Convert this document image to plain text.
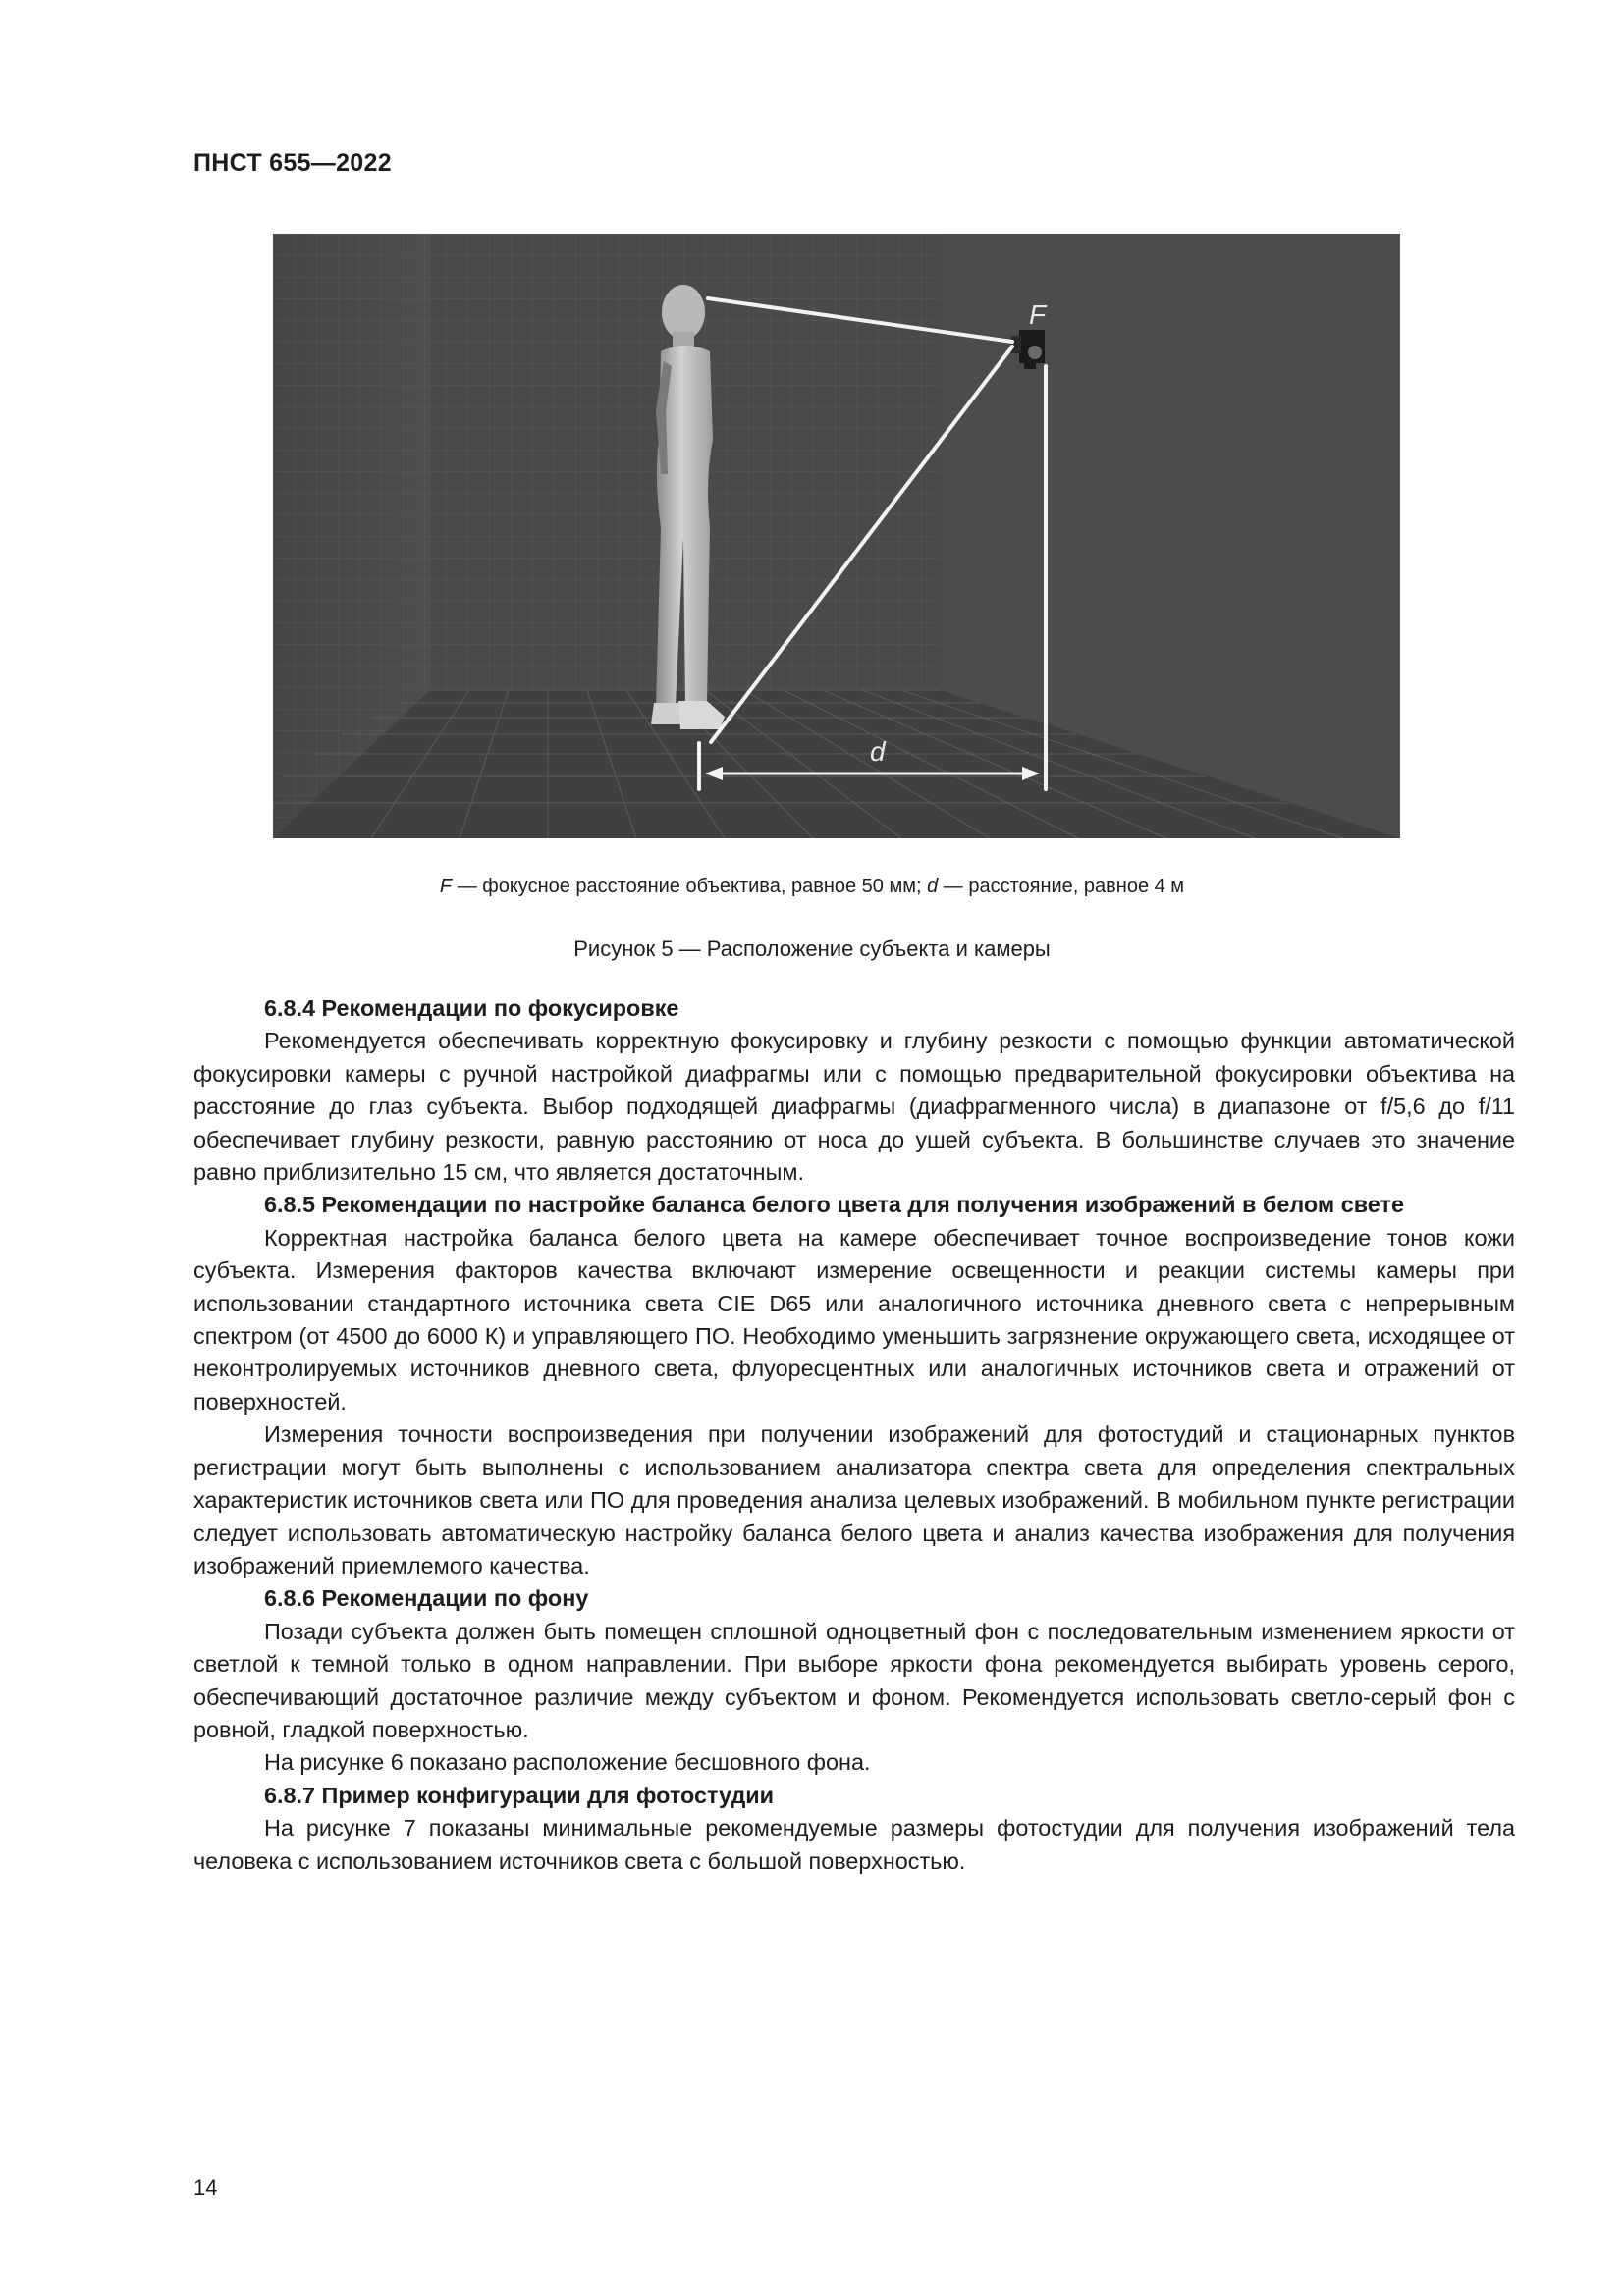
ПНСТ 655—2022
F
d
F — фокусное расстояние объектива, равное 50 мм; d — расстояние, равное 4 м
Рисунок 5 — Расположение субъекта и камеры
6.8.4 Рекомендации по фокусировке

Рекомендуется обеспечивать корректную фокусировку и глубину резкости с помощью функции автоматической фокусировки камеры с ручной настройкой диафрагмы или с помощью предварительной фокусировки объектива на расстояние до глаз субъекта. Выбор подходящей диафрагмы (диафрагменного числа) в диапазоне от f/5,6 до f/11 обеспечивает глубину резкости, равную расстоянию от носа до ушей субъекта. В большинстве случаев это значение равно приблизительно 15 см, что является достаточным.

6.8.5 Рекомендации по настройке баланса белого цвета для получения изображений в белом свете

Корректная настройка баланса белого цвета на камере обеспечивает точное воспроизведение тонов кожи субъекта. Измерения факторов качества включают измерение освещенности и реакции системы камеры при использовании стандартного источника света CIE D65 или аналогичного источника дневного света с непрерывным спектром (от 4500 до 6000 К) и управляющего ПО. Необходимо уменьшить загрязнение окружающего света, исходящее от неконтролируемых источников дневного света, флуоресцентных или аналогичных источников света и отражений от поверхностей.

Измерения точности воспроизведения при получении изображений для фотостудий и стационарных пунктов регистрации могут быть выполнены с использованием анализатора спектра света для определения спектральных характеристик источников света или ПО для проведения анализа целевых изображений. В мобильном пункте регистрации следует использовать автоматическую настройку баланса белого цвета и анализ качества изображения для получения изображений приемлемого качества.

6.8.6 Рекомендации по фону

Позади субъекта должен быть помещен сплошной одноцветный фон с последовательным изменением яркости от светлой к темной только в одном направлении. При выборе яркости фона рекомендуется выбирать уровень серого, обеспечивающий достаточное различие между субъектом и фоном. Рекомендуется использовать светло-серый фон с ровной, гладкой поверхностью.

На рисунке 6 показано расположение бесшовного фона.

6.8.7 Пример конфигурации для фотостудии

На рисунке 7 показаны минимальные рекомендуемые размеры фотостудии для получения изображений тела человека с использованием источников света с большой поверхностью.

14
